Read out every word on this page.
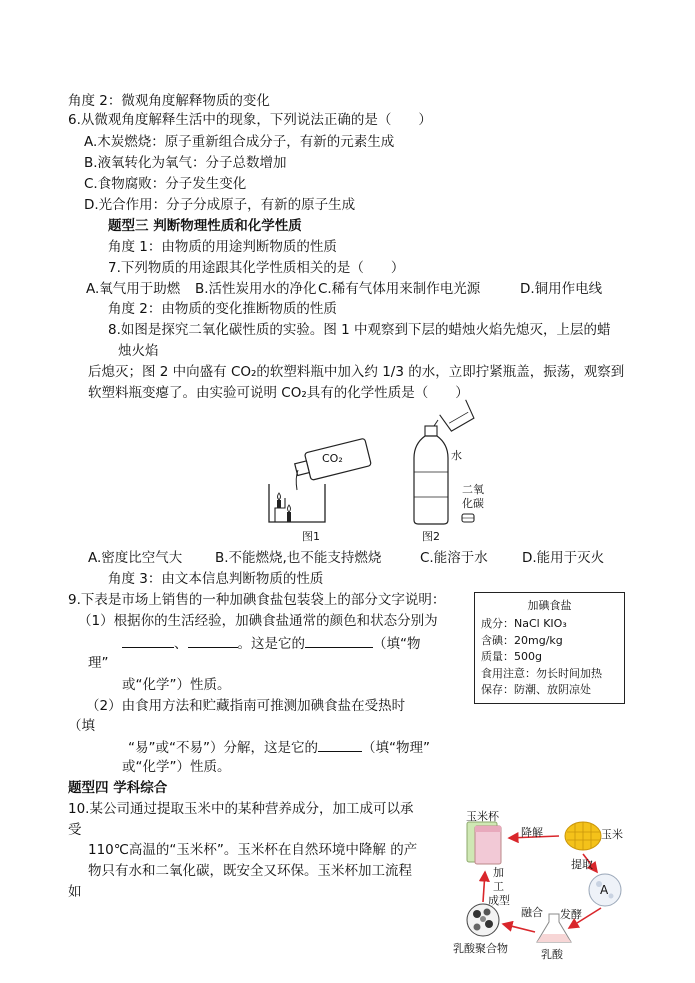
角度 2：微观角度解释物质的变化
6.从微观角度解释生活中的现象，下列说法正确的是（　　）
A.木炭燃烧：原子重新组合成分子，有新的元素生成
B.液氧转化为氧气：分子总数增加
C.食物腐败：分子发生变化
D.光合作用：分子分成原子，有新的原子生成
题型三 判断物理性质和化学性质
角度 1：由物质的用途判断物质的性质
7.下列物质的用途跟其化学性质相关的是（　　）
A.氧气用于助燃 B.活性炭用水的净化 C.稀有气体用来制作电光源	D.铜用作电线
角度 2：由物质的变化推断物质的性质
8.如图是探究二氧化碳性质的实验。图 1 中观察到下层的蜡烛火焰先熄灭，上层的蜡
烛火焰
后熄灭；图 2 中向盛有 CO₂的软塑料瓶中加入约 1/3 的水，立即拧紧瓶盖，振荡，观察到
软塑料瓶变瘪了。由实验可说明 CO₂具有的化学性质是（　　）
CO₂
图1
水
二氧
化碳
图2
A.密度比空气大 B.不能燃烧,也不能支持燃烧	C.能溶于水	D.能用于灭火
角度 3：由文本信息判断物质的性质
9.下表是市场上销售的一种加碘食盐包装袋上的部分文字说明：
（1）根据你的生活经验，加碘食盐通常的颜色和状态分别为
、	。这是它的	（填“物
理”
或“化学”）性质。
（2）由食用方法和贮藏指南可推测加碘食盐在受热时
（填
“易”或“不易”）分解，这是它的	（填“物理”
或“化学”）性质。
加碘食盐
成分：NaCl KIO₃
含碘：20mg/kg
质量：500g
食用注意：勿长时间加热
保存：防潮、放阴凉处
题型四 学科综合
10.某公司通过提取玉米中的某种营养成分，加工成可以承
受
110℃高温的“玉米杯”。玉米杯在自然环境中降解 的产
物只有水和二氧化碳，既安全又环保。玉米杯加工流程
如
玉米杯
降解	玉米
提取
A
加
工
成型
融合 发酵
乳酸聚合物	乳酸
